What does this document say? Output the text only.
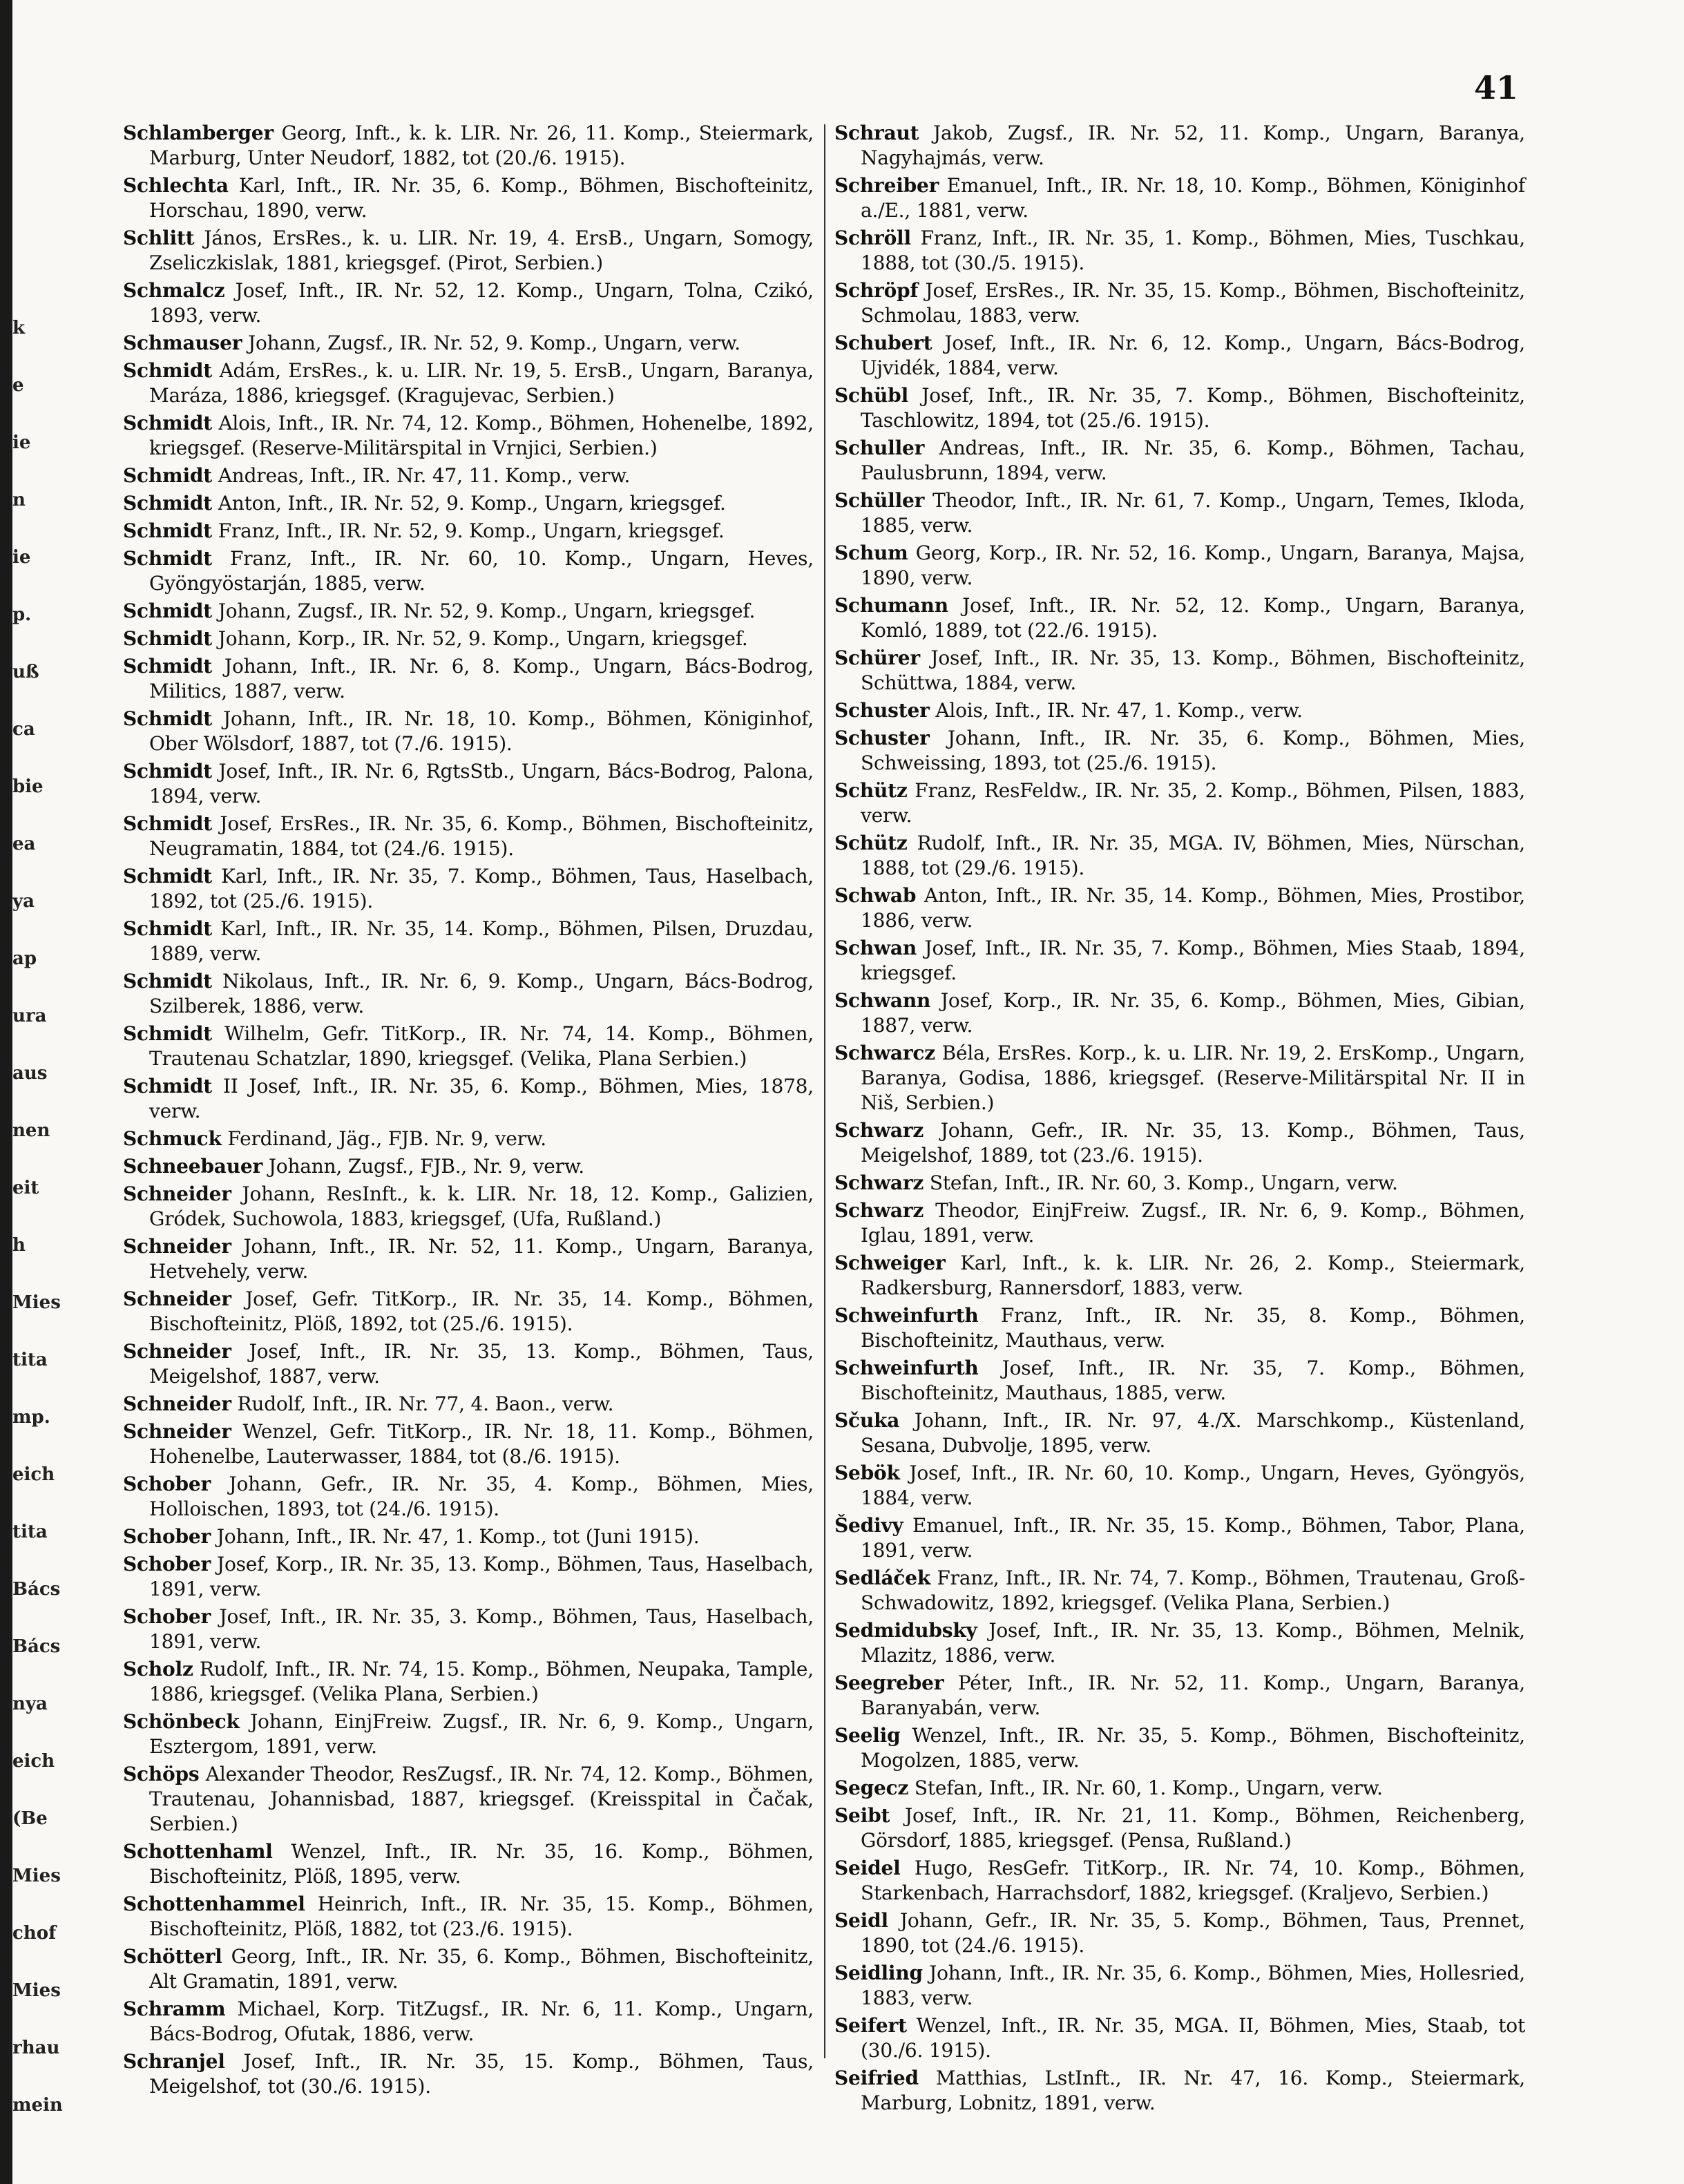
k
e
ie
n
ie
p.
uß
ca
bie
ea
ya
ap
ura
aus
nen
eit
h
Mies
tita
mp.
eich
tita
Bács
Bács
nya
eich
(Be
Mies
chof
Mies
rhau
mein
41

Schlamberger Georg, Inft., k. k. LIR. Nr. 26, 11. Komp., Steiermark, Marburg, Unter Neudorf, 1882, tot (20./6. 1915).

Schlechta Karl, Inft., IR. Nr. 35, 6. Komp., Böhmen, Bischofteinitz, Horschau, 1890, verw.

Schlitt János, ErsRes., k. u. LIR. Nr. 19, 4. ErsB., Ungarn, Somogy, Zseliczkislak, 1881, kriegsgef. (Pirot, Serbien.)

Schmalcz Josef, Inft., IR. Nr. 52, 12. Komp., Ungarn, Tolna, Czikó, 1893, verw.

Schmauser Johann, Zugsf., IR. Nr. 52, 9. Komp., Ungarn, verw.

Schmidt Adám, ErsRes., k. u. LIR. Nr. 19, 5. ErsB., Ungarn, Baranya, Maráza, 1886, kriegsgef. (Kragujevac, Serbien.)

Schmidt Alois, Inft., IR. Nr. 74, 12. Komp., Böhmen, Hohenelbe, 1892, kriegsgef. (Reserve-Militärspital in Vrnjici, Serbien.)

Schmidt Andreas, Inft., IR. Nr. 47, 11. Komp., verw.

Schmidt Anton, Inft., IR. Nr. 52, 9. Komp., Ungarn, kriegsgef.

Schmidt Franz, Inft., IR. Nr. 52, 9. Komp., Ungarn, kriegsgef.

Schmidt Franz, Inft., IR. Nr. 60, 10. Komp., Ungarn, Heves, Gyöngyöstarján, 1885, verw.

Schmidt Johann, Zugsf., IR. Nr. 52, 9. Komp., Ungarn, kriegsgef.

Schmidt Johann, Korp., IR. Nr. 52, 9. Komp., Ungarn, kriegsgef.

Schmidt Johann, Inft., IR. Nr. 6, 8. Komp., Ungarn, Bács-Bodrog, Militics, 1887, verw.

Schmidt Johann, Inft., IR. Nr. 18, 10. Komp., Böhmen, Königinhof, Ober Wölsdorf, 1887, tot (7./6. 1915).

Schmidt Josef, Inft., IR. Nr. 6, RgtsStb., Ungarn, Bács-Bodrog, Palona, 1894, verw.

Schmidt Josef, ErsRes., IR. Nr. 35, 6. Komp., Böhmen, Bischofteinitz, Neugramatin, 1884, tot (24./6. 1915).

Schmidt Karl, Inft., IR. Nr. 35, 7. Komp., Böhmen, Taus, Haselbach, 1892, tot (25./6. 1915).

Schmidt Karl, Inft., IR. Nr. 35, 14. Komp., Böhmen, Pilsen, Druzdau, 1889, verw.

Schmidt Nikolaus, Inft., IR. Nr. 6, 9. Komp., Ungarn, Bács-Bodrog, Szilberek, 1886, verw.

Schmidt Wilhelm, Gefr. TitKorp., IR. Nr. 74, 14. Komp., Böhmen, Trautenau Schatzlar, 1890, kriegsgef. (Velika, Plana Serbien.)

Schmidt II Josef, Inft., IR. Nr. 35, 6. Komp., Böhmen, Mies, 1878, verw.

Schmuck Ferdinand, Jäg., FJB. Nr. 9, verw.

Schneebauer Johann, Zugsf., FJB., Nr. 9, verw.

Schneider Johann, ResInft., k. k. LIR. Nr. 18, 12. Komp., Galizien, Gródek, Suchowola, 1883, kriegsgef, (Ufa, Rußland.)

Schneider Johann, Inft., IR. Nr. 52, 11. Komp., Ungarn, Baranya, Hetvehely, verw.

Schneider Josef, Gefr. TitKorp., IR. Nr. 35, 14. Komp., Böhmen, Bischofteinitz, Plöß, 1892, tot (25./6. 1915).

Schneider Josef, Inft., IR. Nr. 35, 13. Komp., Böhmen, Taus, Meigelshof, 1887, verw.

Schneider Rudolf, Inft., IR. Nr. 77, 4. Baon., verw.

Schneider Wenzel, Gefr. TitKorp., IR. Nr. 18, 11. Komp., Böhmen, Hohenelbe, Lauterwasser, 1884, tot (8./6. 1915).

Schober Johann, Gefr., IR. Nr. 35, 4. Komp., Böhmen, Mies, Holloischen, 1893, tot (24./6. 1915).

Schober Johann, Inft., IR. Nr. 47, 1. Komp., tot (Juni 1915).

Schober Josef, Korp., IR. Nr. 35, 13. Komp., Böhmen, Taus, Haselbach, 1891, verw.

Schober Josef, Inft., IR. Nr. 35, 3. Komp., Böhmen, Taus, Haselbach, 1891, verw.

Scholz Rudolf, Inft., IR. Nr. 74, 15. Komp., Böhmen, Neupaka, Tample, 1886, kriegsgef. (Velika Plana, Serbien.)

Schönbeck Johann, EinjFreiw. Zugsf., IR. Nr. 6, 9. Komp., Ungarn, Esztergom, 1891, verw.

Schöps Alexander Theodor, ResZugsf., IR. Nr. 74, 12. Komp., Böhmen, Trautenau, Johannisbad, 1887, kriegsgef. (Kreisspital in Čačak, Serbien.)

Schottenhaml Wenzel, Inft., IR. Nr. 35, 16. Komp., Böhmen, Bischofteinitz, Plöß, 1895, verw.

Schottenhammel Heinrich, Inft., IR. Nr. 35, 15. Komp., Böhmen, Bischofteinitz, Plöß, 1882, tot (23./6. 1915).

Schötterl Georg, Inft., IR. Nr. 35, 6. Komp., Böhmen, Bischofteinitz, Alt Gramatin, 1891, verw.

Schramm Michael, Korp. TitZugsf., IR. Nr. 6, 11. Komp., Ungarn, Bács-Bodrog, Ofutak, 1886, verw.

Schranjel Josef, Inft., IR. Nr. 35, 15. Komp., Böhmen, Taus, Meigelshof, tot (30./6. 1915).

Schraut Jakob, Zugsf., IR. Nr. 52, 11. Komp., Ungarn, Baranya, Nagyhajmás, verw.

Schreiber Emanuel, Inft., IR. Nr. 18, 10. Komp., Böhmen, Königinhof a./E., 1881, verw.

Schröll Franz, Inft., IR. Nr. 35, 1. Komp., Böhmen, Mies, Tuschkau, 1888, tot (30./5. 1915).

Schröpf Josef, ErsRes., IR. Nr. 35, 15. Komp., Böhmen, Bischofteinitz, Schmolau, 1883, verw.

Schubert Josef, Inft., IR. Nr. 6, 12. Komp., Ungarn, Bács-Bodrog, Ujvidék, 1884, verw.

Schübl Josef, Inft., IR. Nr. 35, 7. Komp., Böhmen, Bischofteinitz, Taschlowitz, 1894, tot (25./6. 1915).

Schuller Andreas, Inft., IR. Nr. 35, 6. Komp., Böhmen, Tachau, Paulusbrunn, 1894, verw.

Schüller Theodor, Inft., IR. Nr. 61, 7. Komp., Ungarn, Temes, Ikloda, 1885, verw.

Schum Georg, Korp., IR. Nr. 52, 16. Komp., Ungarn, Baranya, Majsa, 1890, verw.

Schumann Josef, Inft., IR. Nr. 52, 12. Komp., Ungarn, Baranya, Komló, 1889, tot (22./6. 1915).

Schürer Josef, Inft., IR. Nr. 35, 13. Komp., Böhmen, Bischofteinitz, Schüttwa, 1884, verw.

Schuster Alois, Inft., IR. Nr. 47, 1. Komp., verw.

Schuster Johann, Inft., IR. Nr. 35, 6. Komp., Böhmen, Mies, Schweissing, 1893, tot (25./6. 1915).

Schütz Franz, ResFeldw., IR. Nr. 35, 2. Komp., Böhmen, Pilsen, 1883, verw.

Schütz Rudolf, Inft., IR. Nr. 35, MGA. IV, Böhmen, Mies, Nürschan, 1888, tot (29./6. 1915).

Schwab Anton, Inft., IR. Nr. 35, 14. Komp., Böhmen, Mies, Prostibor, 1886, verw.

Schwan Josef, Inft., IR. Nr. 35, 7. Komp., Böhmen, Mies Staab, 1894, kriegsgef.

Schwann Josef, Korp., IR. Nr. 35, 6. Komp., Böhmen, Mies, Gibian, 1887, verw.

Schwarcz Béla, ErsRes. Korp., k. u. LIR. Nr. 19, 2. ErsKomp., Ungarn, Baranya, Godisa, 1886, kriegsgef. (Reserve-Militärspital Nr. II in Niš, Serbien.)

Schwarz Johann, Gefr., IR. Nr. 35, 13. Komp., Böhmen, Taus, Meigelshof, 1889, tot (23./6. 1915).

Schwarz Stefan, Inft., IR. Nr. 60, 3. Komp., Ungarn, verw.

Schwarz Theodor, EinjFreiw. Zugsf., IR. Nr. 6, 9. Komp., Böhmen, Iglau, 1891, verw.

Schweiger Karl, Inft., k. k. LIR. Nr. 26, 2. Komp., Steiermark, Radkersburg, Rannersdorf, 1883, verw.

Schweinfurth Franz, Inft., IR. Nr. 35, 8. Komp., Böhmen, Bischofteinitz, Mauthaus, verw.

Schweinfurth Josef, Inft., IR. Nr. 35, 7. Komp., Böhmen, Bischofteinitz, Mauthaus, 1885, verw.

Sčuka Johann, Inft., IR. Nr. 97, 4./X. Marschkomp., Küstenland, Sesana, Dubvolje, 1895, verw.

Sebök Josef, Inft., IR. Nr. 60, 10. Komp., Ungarn, Heves, Gyöngyös, 1884, verw.

Šedivy Emanuel, Inft., IR. Nr. 35, 15. Komp., Böhmen, Tabor, Plana, 1891, verw.

Sedláček Franz, Inft., IR. Nr. 74, 7. Komp., Böhmen, Trautenau, Groß-Schwadowitz, 1892, kriegsgef. (Velika Plana, Serbien.)

Sedmidubsky Josef, Inft., IR. Nr. 35, 13. Komp., Böhmen, Melnik, Mlazitz, 1886, verw.

Seegreber Péter, Inft., IR. Nr. 52, 11. Komp., Ungarn, Baranya, Baranyabán, verw.

Seelig Wenzel, Inft., IR. Nr. 35, 5. Komp., Böhmen, Bischofteinitz, Mogolzen, 1885, verw.

Segecz Stefan, Inft., IR. Nr. 60, 1. Komp., Ungarn, verw.

Seibt Josef, Inft., IR. Nr. 21, 11. Komp., Böhmen, Reichenberg, Görsdorf, 1885, kriegsgef. (Pensa, Rußland.)

Seidel Hugo, ResGefr. TitKorp., IR. Nr. 74, 10. Komp., Böhmen, Starkenbach, Harrachsdorf, 1882, kriegsgef. (Kraljevo, Serbien.)

Seidl Johann, Gefr., IR. Nr. 35, 5. Komp., Böhmen, Taus, Prennet, 1890, tot (24./6. 1915).

Seidling Johann, Inft., IR. Nr. 35, 6. Komp., Böhmen, Mies, Hollesried, 1883, verw.

Seifert Wenzel, Inft., IR. Nr. 35, MGA. II, Böhmen, Mies, Staab, tot (30./6. 1915).

Seifried Matthias, LstInft., IR. Nr. 47, 16. Komp., Steiermark, Marburg, Lobnitz, 1891, verw.
